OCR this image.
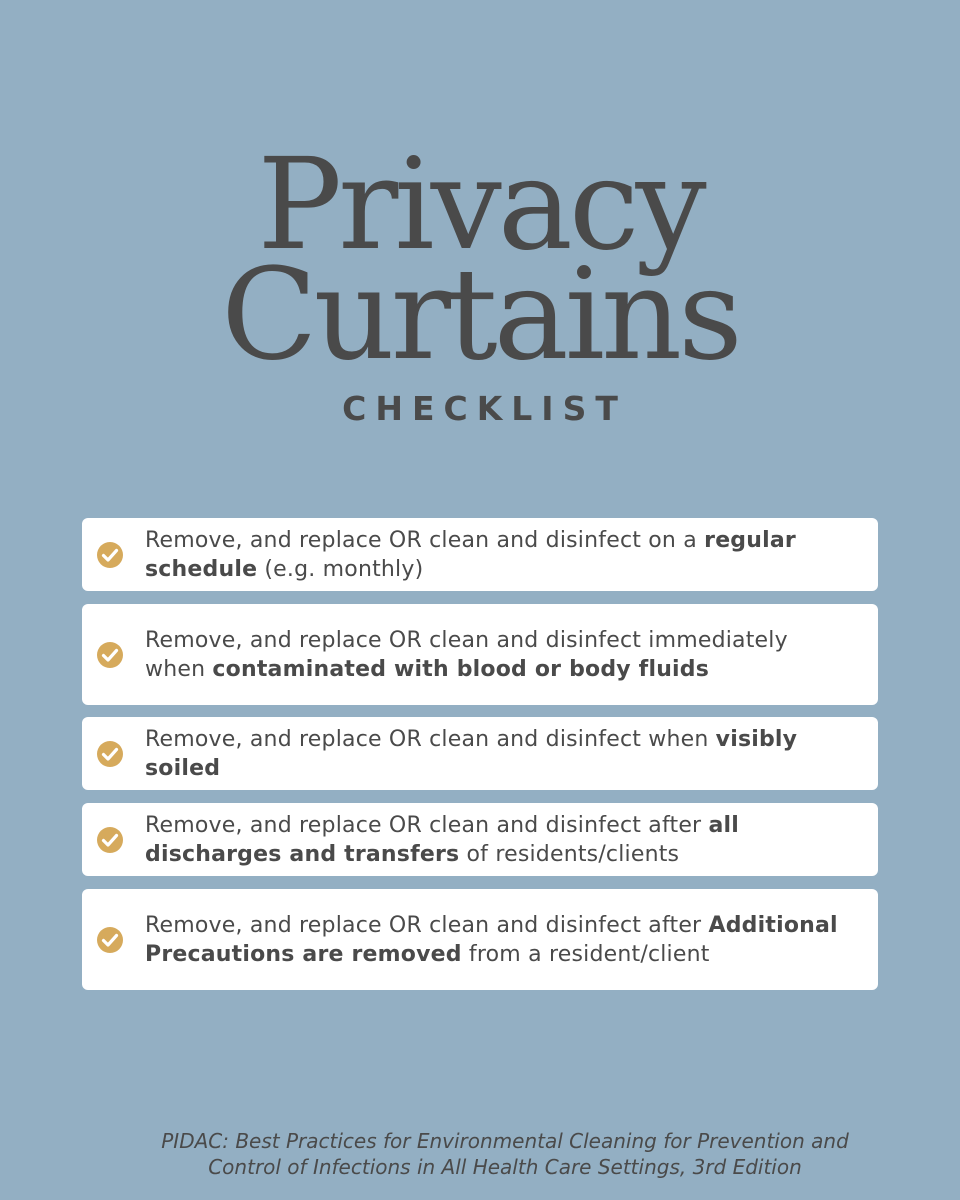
Privacy
Curtains
CHECKLIST
Remove, and replace OR clean and disinfect on a regular schedule (e.g. monthly)
Remove, and replace OR clean and disinfect immediately when contaminated with blood or body fluids
Remove, and replace OR clean and disinfect when visibly soiled
Remove, and replace OR clean and disinfect after all discharges and transfers of residents/clients
Remove, and replace OR clean and disinfect after Additional Precautions are removed from a resident/client

PIDAC: Best Practices for Environmental Cleaning for Prevention and
Control of Infections in All Health Care Settings, 3rd Edition
